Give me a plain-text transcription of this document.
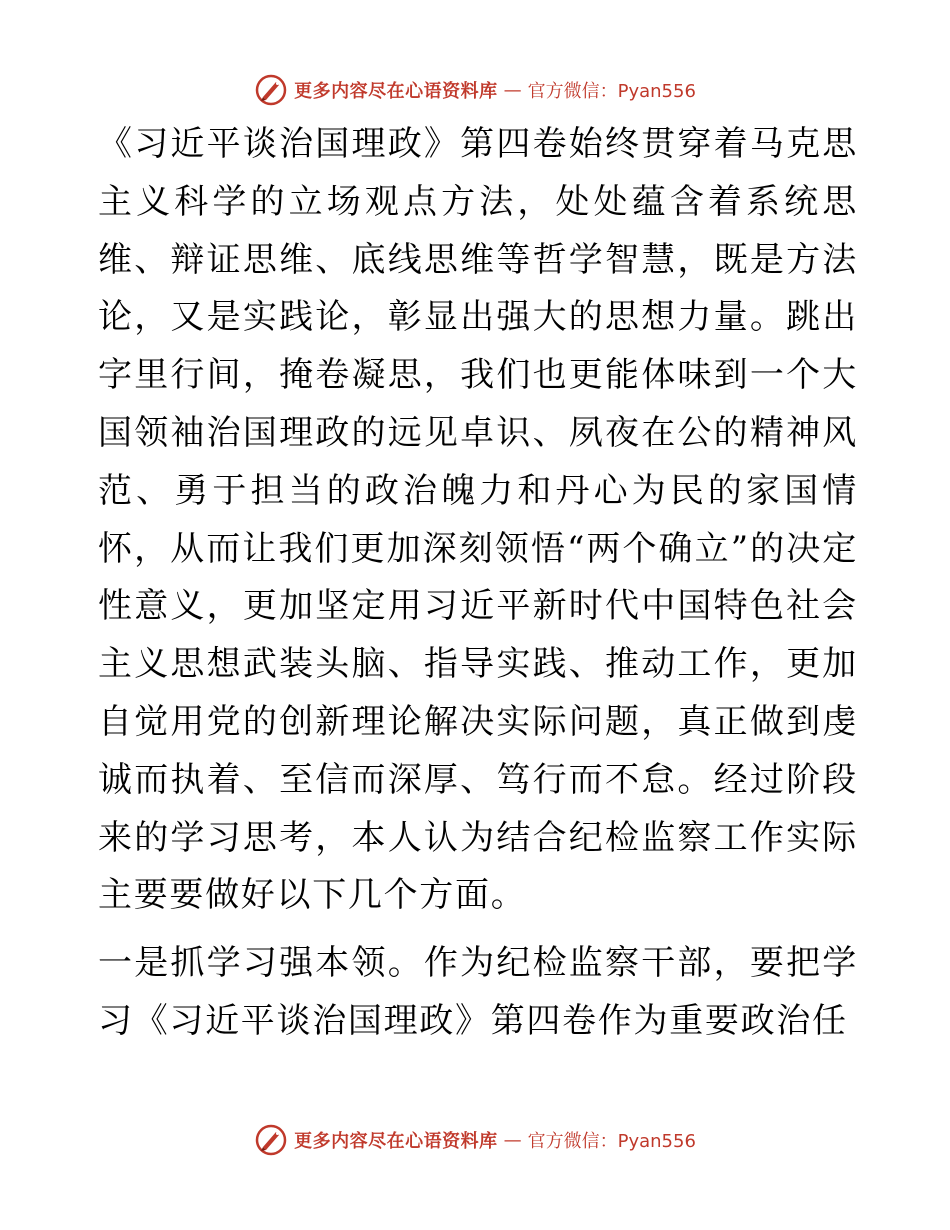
更多内容尽在心语资料库 — 官方微信：Pyan556

《习近平谈治国理政》第四卷始终贯穿着马克思主义科学的立场观点方法，处处蕴含着系统思维、辩证思维、底线思维等哲学智慧，既是方法论，又是实践论，彰显出强大的思想力量。跳出字里行间，掩卷凝思，我们也更能体味到一个大国领袖治国理政的远见卓识、夙夜在公的精神风范、勇于担当的政治魄力和丹心为民的家国情怀，从而让我们更加深刻领悟“两个确立”的决定性意义，更加坚定用习近平新时代中国特色社会主义思想武装头脑、指导实践、推动工作，更加自觉用党的创新理论解决实际问题，真正做到虔诚而执着、至信而深厚、笃行而不怠。经过阶段来的学习思考，本人认为结合纪检监察工作实际主要要做好以下几个方面。

一是抓学习强本领。作为纪检监察干部，要把学习《习近平谈治国理政》第四卷作为重要政治任

更多内容尽在心语资料库 — 官方微信：Pyan556
